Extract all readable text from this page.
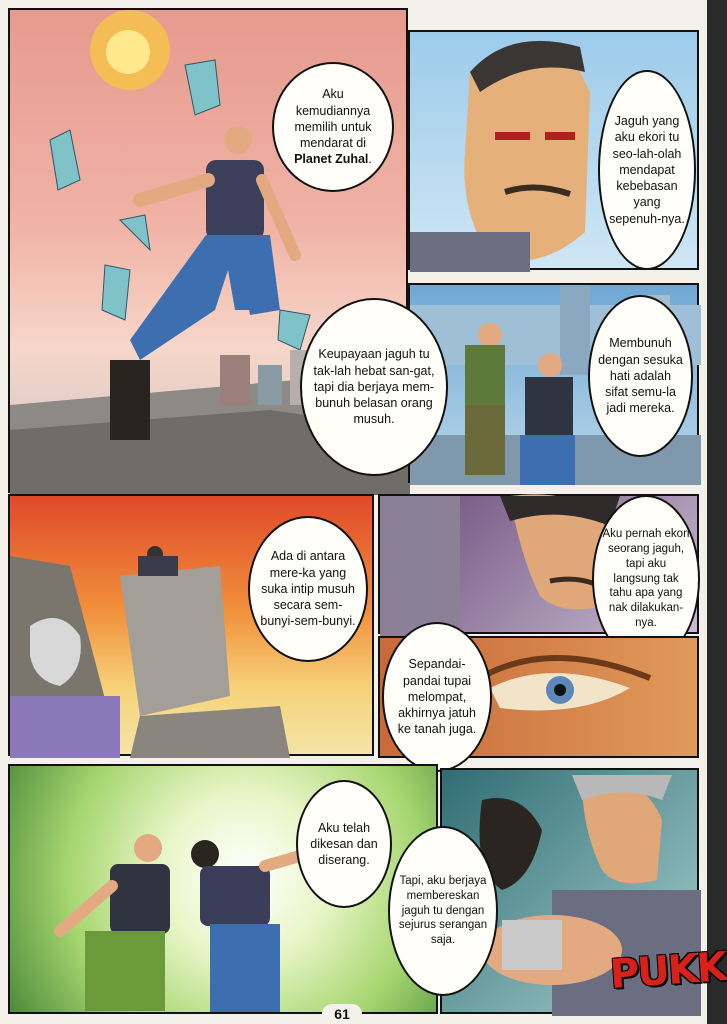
Aku
kemudiannya
memilih untuk
mendarat di
Planet Zuhal.
Jaguh yang aku ekori tu seo-lah-olah mendapat kebebasan yang sepenuh-nya.
Keupayaan jaguh tu tak-lah hebat san-gat, tapi dia berjaya mem-bunuh belasan orang musuh.
Membunuh dengan sesuka hati adalah sifat semu-la jadi mereka.
Ada di antara mere-ka yang suka intip musuh secara sem-bunyi-sem-bunyi.
Aku pernah ekori seorang jaguh, tapi aku langsung tak tahu apa yang nak dilakukan-nya.
Sepandai-pandai tupai melompat, akhirnya jatuh ke tanah juga.
Aku telah dikesan dan diserang.
PUKK
Tapi, aku berjaya membereskan jaguh tu dengan sejurus serangan saja.
61
